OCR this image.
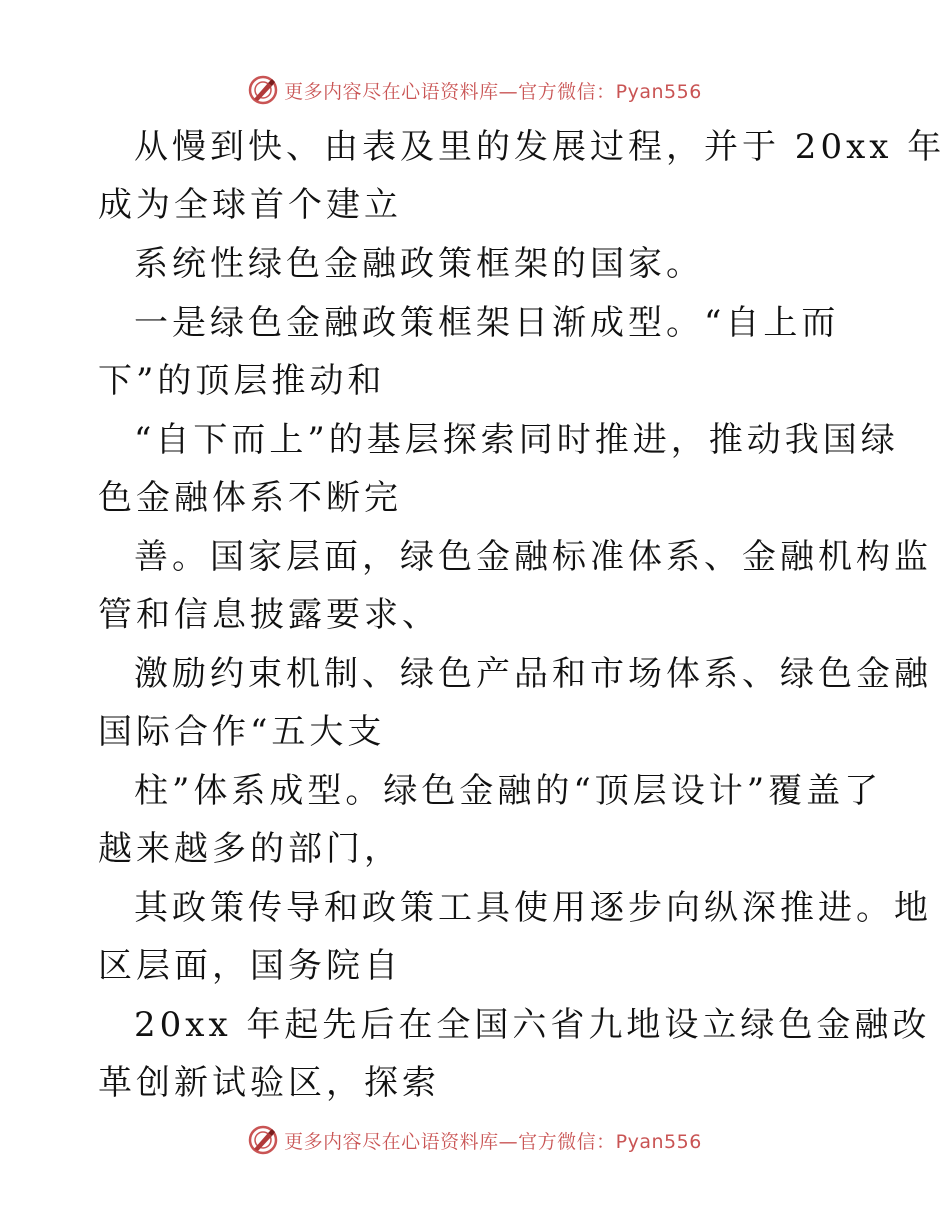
更多内容尽在心语资料库—官方微信：Pyan556
从慢到快、由表及里的发展过程，并于 20xx 年
成为全球首个建立
系统性绿色金融政策框架的国家。
一是绿色金融政策框架日渐成型。“自上而
下”的顶层推动和
“自下而上”的基层探索同时推进，推动我国绿
色金融体系不断完
善。国家层面，绿色金融标准体系、金融机构监
管和信息披露要求、
激励约束机制、绿色产品和市场体系、绿色金融
国际合作“五大支
柱”体系成型。绿色金融的“顶层设计”覆盖了
越来越多的部门，
其政策传导和政策工具使用逐步向纵深推进。地
区层面，国务院自
20xx 年起先后在全国六省九地设立绿色金融改
革创新试验区，探索
更多内容尽在心语资料库—官方微信：Pyan556
